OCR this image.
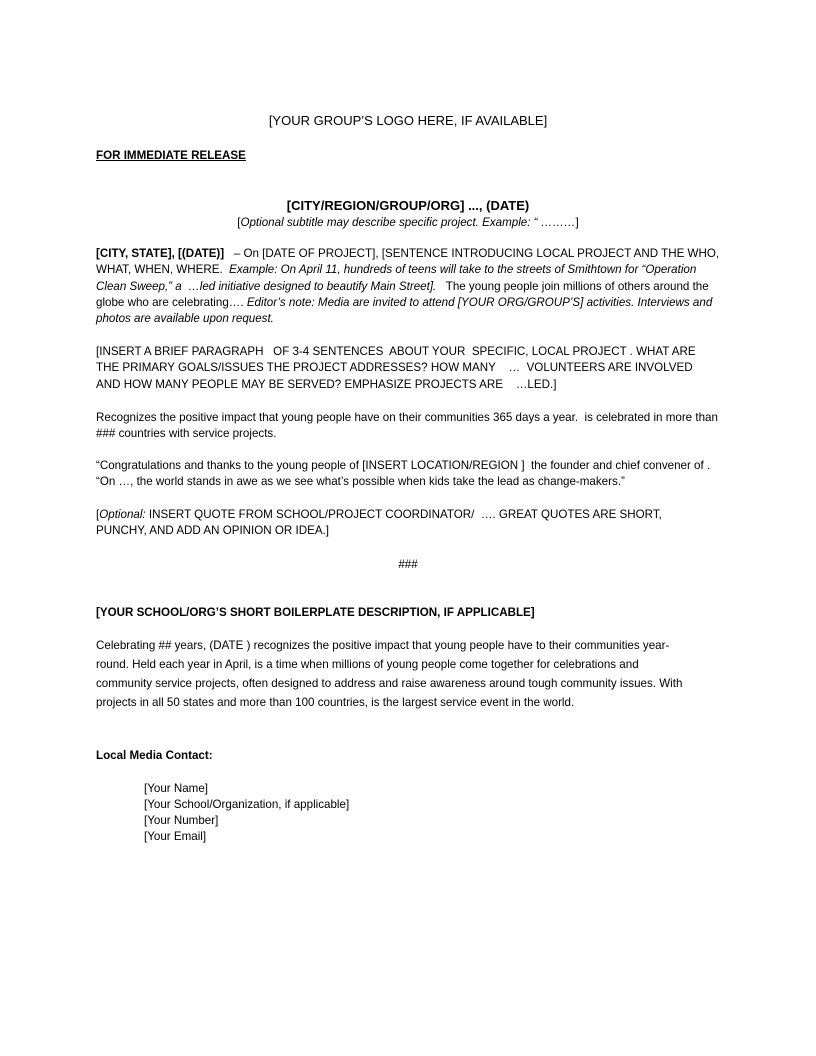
[YOUR GROUP’S LOGO HERE, IF AVAILABLE]
FOR IMMEDIATE RELEASE
[CITY/REGION/GROUP/ORG] ..., (DATE)
[Optional subtitle may describe specific project. Example: “ ………]
[CITY, STATE], [(DATE)]   – On [DATE OF PROJECT], [SENTENCE INTRODUCING LOCAL PROJECT AND THE WHO, WHAT, WHEN, WHERE.  Example: On April 11, hundreds of teens will take to the streets of Smithtown for “Operation Clean Sweep,” a  …led initiative designed to beautify Main Street].   The young people join millions of others around the globe who are celebrating…. Editor’s note: Media are invited to attend [YOUR ORG/GROUP’S] activities. Interviews and photos are available upon request.
[INSERT A BRIEF PARAGRAPH   OF 3-4 SENTENCES  ABOUT YOUR  SPECIFIC, LOCAL PROJECT . WHAT ARE THE PRIMARY GOALS/ISSUES THE PROJECT ADDRESSES? HOW MANY    …  VOLUNTEERS ARE INVOLVED AND HOW MANY PEOPLE MAY BE SERVED? EMPHASIZE PROJECTS ARE    …LED.]
Recognizes the positive impact that young people have on their communities 365 days a year.  is celebrated in more than ### countries with service projects.
“Congratulations and thanks to the young people of [INSERT LOCATION/REGION ]  the founder and chief convener of . “On …, the world stands in awe as we see what’s possible when kids take the lead as change-makers.”
[Optional: INSERT QUOTE FROM SCHOOL/PROJECT COORDINATOR/  …. GREAT QUOTES ARE SHORT, PUNCHY, AND ADD AN OPINION OR IDEA.]
###
[YOUR SCHOOL/ORG’S SHORT BOILERPLATE DESCRIPTION, IF APPLICABLE]
Celebrating ## years, (DATE ) recognizes the positive impact that young people have to their communities year-round. Held each year in April, is a time when millions of young people come together for celebrations and community service projects, often designed to address and raise awareness around tough community issues. With projects in all 50 states and more than 100 countries, is the largest service event in the world.
Local Media Contact:
[Your Name]
[Your School/Organization, if applicable]
[Your Number]
[Your Email]
